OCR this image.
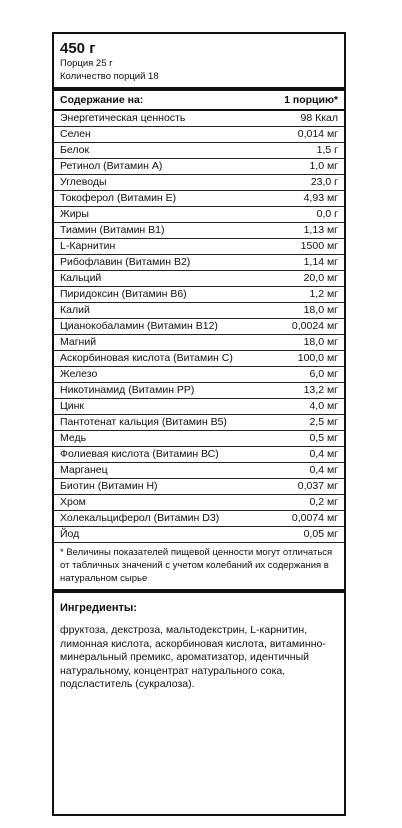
450 г
Порция 25 г
Количество порций 18
Содержание на:	1 порцию*
Энергетическая ценность	98 Ккал
Селен	0,014 мг
Белок	1,5 г
Ретинол (Витамин А)	1,0 мг
Углеводы	23,0 г
Токоферол (Витамин Е)	4,93 мг
Жиры	0,0 г
Тиамин (Витамин В1)	1,13 мг
L-Карнитин	1500 мг
Рибофлавин (Витамин В2)	1,14 мг
Кальций	20,0 мг
Пиридоксин (Витамин В6)	1,2 мг
Калий	18,0 мг
Цианокобаламин (Витамин В12)	0,0024 мг
Магний	18,0 мг
Аскорбиновая кислота (Витамин С)	100,0 мг
Железо	6,0 мг
Никотинамид (Витамин РР)	13,2 мг
Цинк	4,0 мг
Пантотенат кальция (Витамин В5)	2,5 мг
Медь	0,5 мг
Фолиевая кислота (Витамин ВС)	0,4 мг
Марганец	0,4 мг
Биотин (Витамин Н)	0,037 мг
Хром	0,2 мг
Холекальциферол (Витамин D3)	0,0074 мг
Йод	0,05 мг
* Величины показателей пищевой ценности могут отличаться от табличных значений с учетом колебаний их содержания в натуральном сырье
Ингредиенты:
фруктоза, декстроза, мальтодекстрин, L-карнитин, лимонная кислота, аскорбиновая кислота, витаминно-минеральный премикс, ароматизатор, идентичный натуральному, концентрат натурального сока, подсластитель (сукралоза).
